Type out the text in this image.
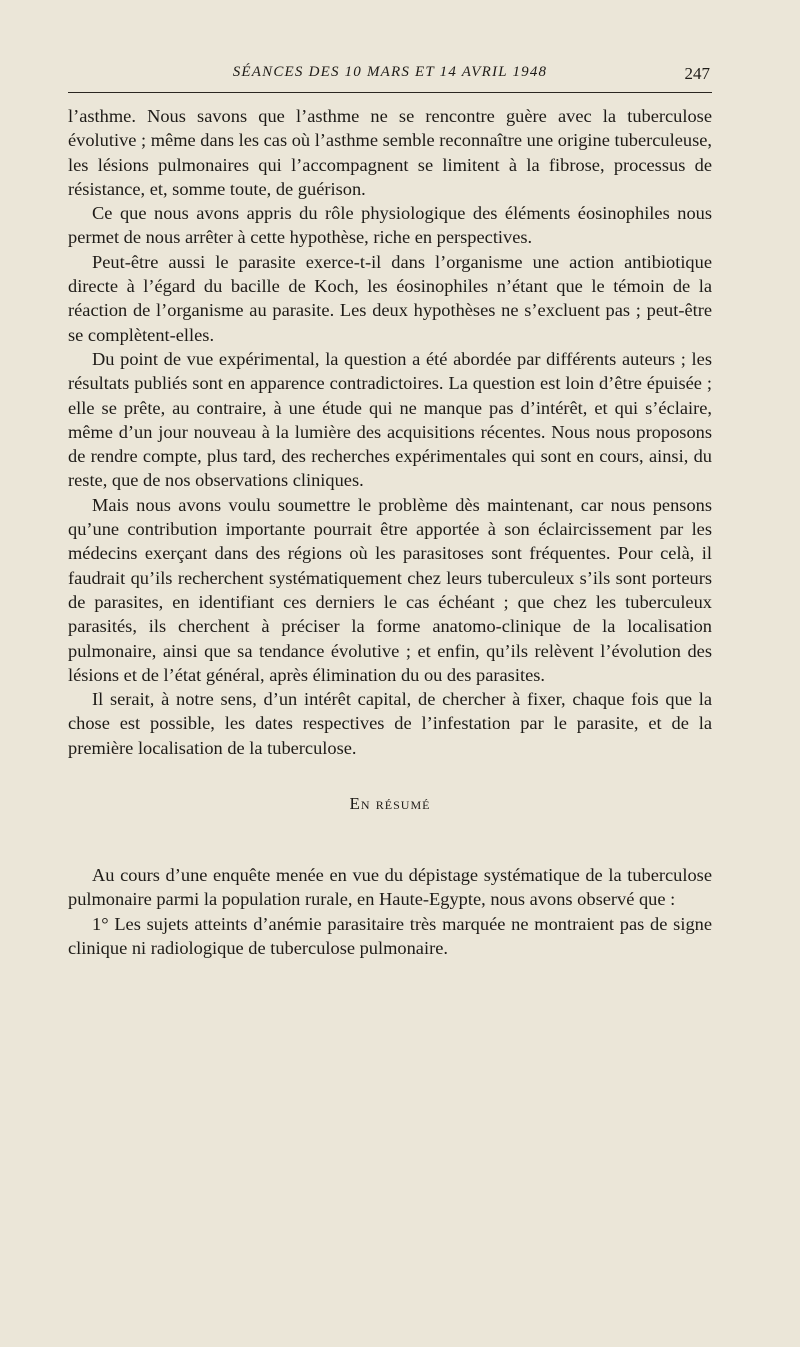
SÉANCES DES 10 MARS ET 14 AVRIL 1948	247

l’asthme. Nous savons que l’asthme ne se rencontre guère avec la tuberculose évolutive ; même dans les cas où l’asthme semble reconnaître une origine tuberculeuse, les lésions pulmonaires qui l’accompagnent se limitent à la fibrose, processus de résistance, et, somme toute, de guérison.

Ce que nous avons appris du rôle physiologique des éléments éosinophiles nous permet de nous arrêter à cette hypothèse, riche en perspectives.

Peut-être aussi le parasite exerce-t-il dans l’organisme une action antibiotique directe à l’égard du bacille de Koch, les éosinophiles n’étant que le témoin de la réaction de l’organisme au parasite. Les deux hypothèses ne s’excluent pas ; peut-être se complètent-elles.

Du point de vue expérimental, la question a été abordée par différents auteurs ; les résultats publiés sont en apparence contradictoires. La question est loin d’être épuisée ; elle se prête, au contraire, à une étude qui ne manque pas d’intérêt, et qui s’éclaire, même d’un jour nouveau à la lumière des acquisitions récentes. Nous nous proposons de rendre compte, plus tard, des recherches expérimentales qui sont en cours, ainsi, du reste, que de nos observations cliniques.

Mais nous avons voulu soumettre le problème dès maintenant, car nous pensons qu’une contribution importante pourrait être apportée à son éclaircissement par les médecins exerçant dans des régions où les parasitoses sont fréquentes. Pour celà, il faudrait qu’ils recherchent systématiquement chez leurs tuberculeux s’ils sont porteurs de parasites, en identifiant ces derniers le cas échéant ; que chez les tuberculeux parasités, ils cherchent à préciser la forme anatomo-clinique de la localisation pulmonaire, ainsi que sa tendance évolutive ; et enfin, qu’ils relèvent l’évolution des lésions et de l’état général, après élimination du ou des parasites.

Il serait, à notre sens, d’un intérêt capital, de chercher à fixer, chaque fois que la chose est possible, les dates respectives de l’infestation par le parasite, et de la première localisation de la tuberculose.

En résumé

Au cours d’une enquête menée en vue du dépistage systématique de la tuberculose pulmonaire parmi la population rurale, en Haute-Egypte, nous avons observé que :

1° Les sujets atteints d’anémie parasitaire très marquée ne montraient pas de signe clinique ni radiologique de tuberculose pulmonaire.
